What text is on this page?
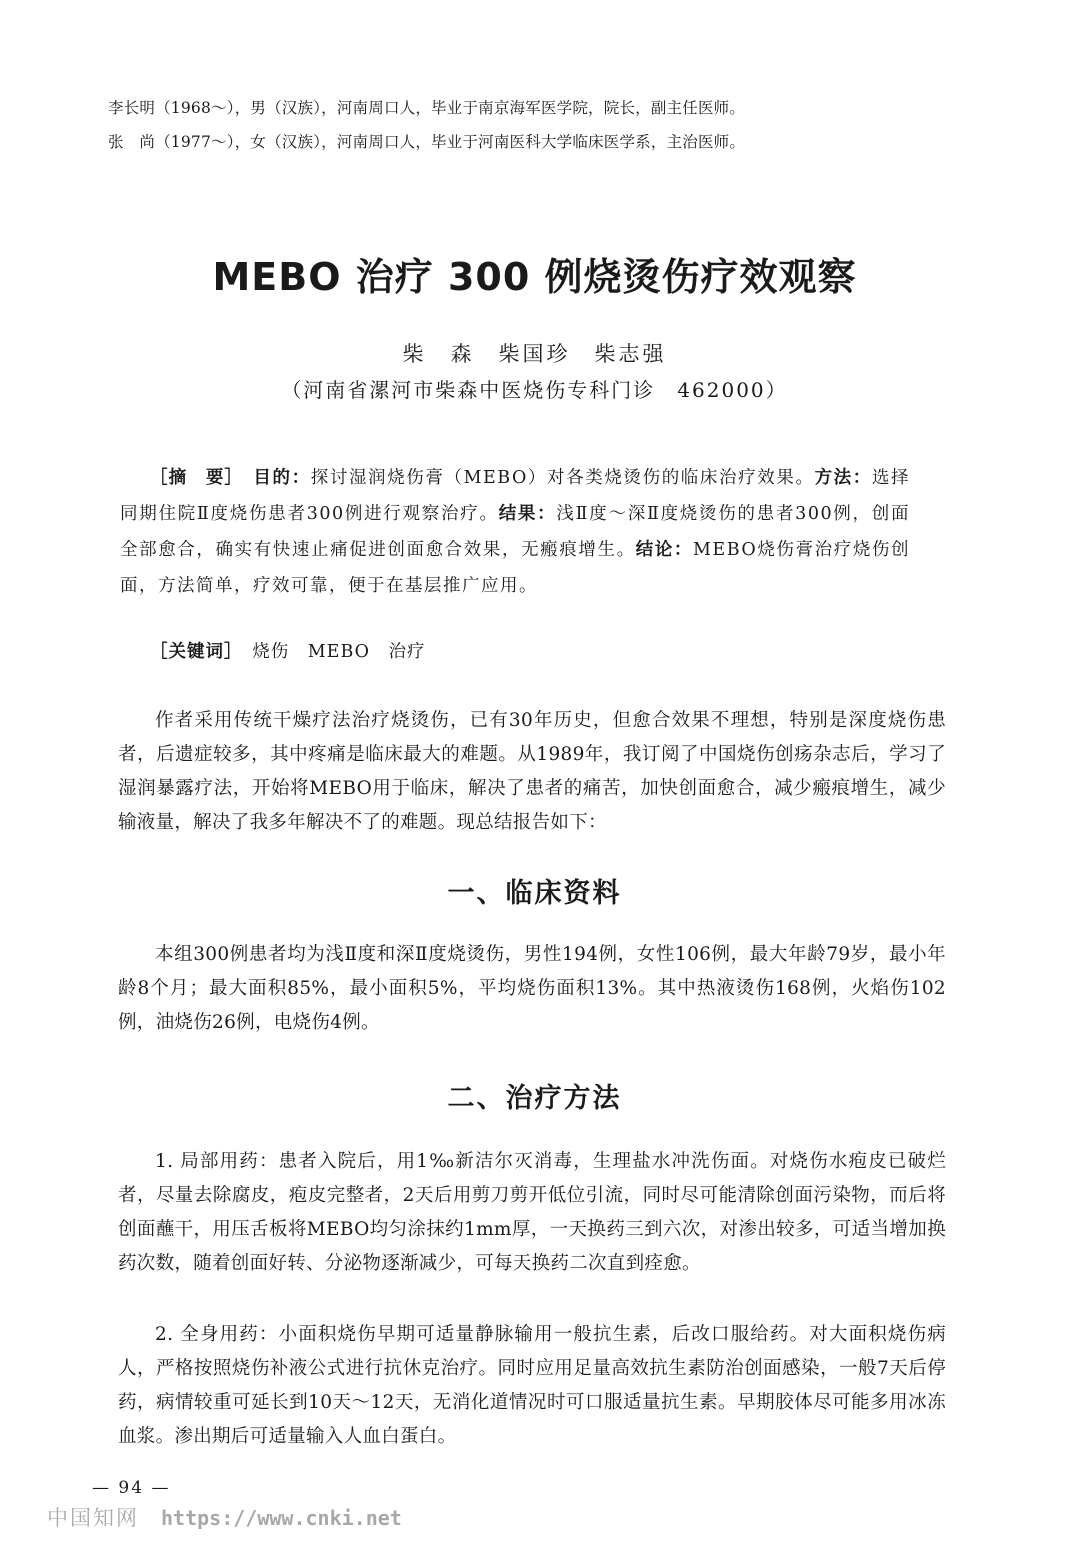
李长明（1968～），男（汉族），河南周口人，毕业于南京海军医学院，院长，副主任医师。
张　尚（1977～），女（汉族），河南周口人，毕业于河南医科大学临床医学系，主治医师。
MEBO 治疗 300 例烧烫伤疗效观察
柴　森　柴国珍　柴志强
（河南省漯河市柴森中医烧伤专科门诊　462000）

［摘　要］　 目的：探讨湿润烧伤膏（MEBO）对各类烧烫伤的临床治疗效果。方法：选择同期住院Ⅱ度烧伤患者300例进行观察治疗。结果：浅Ⅱ度～深Ⅱ度烧烫伤的患者300例，创面全部愈合，确实有快速止痛促进创面愈合效果，无瘢痕增生。结论：MEBO烧伤膏治疗烧伤创面，方法简单，疗效可靠，便于在基层推广应用。

［关键词］　烧伤　MEBO　治疗

作者采用传统干燥疗法治疗烧烫伤，已有30年历史，但愈合效果不理想，特别是深度烧伤患者，后遗症较多，其中疼痛是临床最大的难题。从1989年，我订阅了中国烧伤创疡杂志后，学习了湿润暴露疗法，开始将MEBO用于临床，解决了患者的痛苦，加快创面愈合，减少瘢痕增生，减少输液量，解决了我多年解决不了的难题。现总结报告如下：

一、临床资料

本组300例患者均为浅Ⅱ度和深Ⅱ度烧烫伤，男性194例，女性106例，最大年龄79岁，最小年龄8个月；最大面积85%，最小面积5%，平均烧伤面积13%。其中热液烫伤168例，火焰伤102例，油烧伤26例，电烧伤4例。

二、治疗方法

1. 局部用药：患者入院后，用1‰新洁尔灭消毒，生理盐水冲洗伤面。对烧伤水疱皮已破烂者，尽量去除腐皮，疱皮完整者，2天后用剪刀剪开低位引流，同时尽可能清除创面污染物，而后将创面蘸干，用压舌板将MEBO均匀涂抹约1mm厚，一天换药三到六次，对渗出较多，可适当增加换药次数，随着创面好转、分泌物逐渐减少，可每天换药二次直到痊愈。

2. 全身用药：小面积烧伤早期可适量静脉输用一般抗生素，后改口服给药。对大面积烧伤病人，严格按照烧伤补液公式进行抗休克治疗。同时应用足量高效抗生素防治创面感染，一般7天后停药，病情较重可延长到10天～12天，无消化道情况时可口服适量抗生素。早期胶体尽可能多用冰冻血浆。渗出期后可适量输入人血白蛋白。

— 94 —
中国知网 https://www.cnki.net
